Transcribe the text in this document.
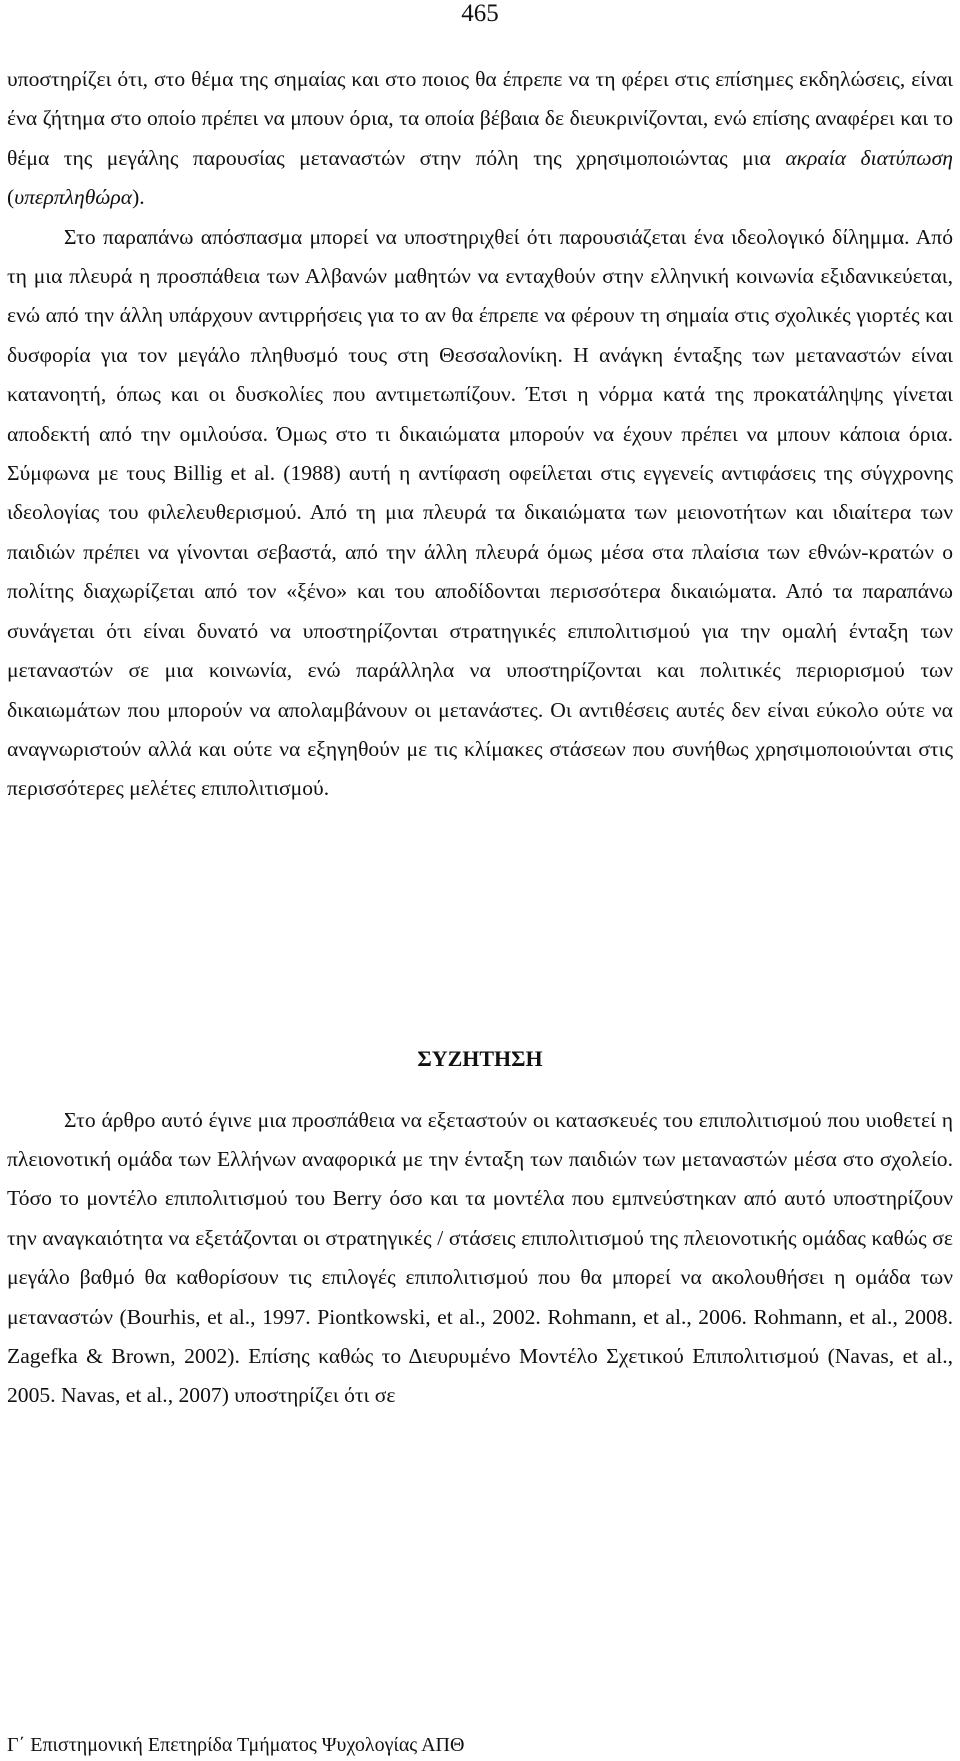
465

υποστηρίζει ότι, στο θέμα της σημαίας και στο ποιος θα έπρεπε να τη φέρει στις επίσημες εκδηλώσεις, είναι ένα ζήτημα στο οποίο πρέπει να μπουν όρια, τα οποία βέβαια δε διευκρινίζονται, ενώ επίσης αναφέρει και το θέμα της μεγάλης παρουσίας μεταναστών στην πόλη της χρησιμοποιώντας μια ακραία διατύπωση (υπερπληθώρα).

Στο παραπάνω απόσπασμα μπορεί να υποστηριχθεί ότι παρουσιάζεται ένα ιδεολογικό δίλημμα. Από τη μια πλευρά η προσπάθεια των Αλβανών μαθητών να ενταχθούν στην ελληνική κοινωνία εξιδανικεύεται, ενώ από την άλλη υπάρχουν αντιρρήσεις για το αν θα έπρεπε να φέρουν τη σημαία στις σχολικές γιορτές και δυσφορία για τον μεγάλο πληθυσμό τους στη Θεσσαλονίκη. Η ανάγκη ένταξης των μεταναστών είναι κατανοητή, όπως και οι δυσκολίες που αντιμετωπίζουν. Έτσι η νόρμα κατά της προκατάληψης γίνεται αποδεκτή από την ομιλούσα. Όμως στο τι δικαιώματα μπορούν να έχουν πρέπει να μπουν κάποια όρια. Σύμφωνα με τους Billig et al. (1988) αυτή η αντίφαση οφείλεται στις εγγενείς αντιφάσεις της σύγχρονης ιδεολογίας του φιλελευθερισμού. Από τη μια πλευρά τα δικαιώματα των μειονοτήτων και ιδιαίτερα των παιδιών πρέπει να γίνονται σεβαστά, από την άλλη πλευρά όμως μέσα στα πλαίσια των εθνών-κρατών ο πολίτης διαχωρίζεται από τον «ξένο» και του αποδίδονται περισσότερα δικαιώματα. Από τα παραπάνω συνάγεται ότι είναι δυνατό να υποστηρίζονται στρατηγικές επιπολιτισμού για την ομαλή ένταξη των μεταναστών σε μια κοινωνία, ενώ παράλληλα να υποστηρίζονται και πολιτικές περιορισμού των δικαιωμάτων που μπορούν να απολαμβάνουν οι μετανάστες. Οι αντιθέσεις αυτές δεν είναι εύκολο ούτε να αναγνωριστούν αλλά και ούτε να εξηγηθούν με τις κλίμακες στάσεων που συνήθως χρησιμοποιούνται στις περισσότερες μελέτες επιπολιτισμού.

ΣΥΖΗΤΗΣΗ

Στο άρθρο αυτό έγινε μια προσπάθεια να εξεταστούν οι κατασκευές του επιπολιτισμού που υιοθετεί η πλειονοτική ομάδα των Ελλήνων αναφορικά με την ένταξη των παιδιών των μεταναστών μέσα στο σχολείο. Τόσο το μοντέλο επιπολιτισμού του Berry όσο και τα μοντέλα που εμπνεύστηκαν από αυτό υποστηρίζουν την αναγκαιότητα να εξετάζονται οι στρατηγικές / στάσεις επιπολιτισμού της πλειονοτικής ομάδας καθώς σε μεγάλο βαθμό θα καθορίσουν τις επιλογές επιπολιτισμού που θα μπορεί να ακολουθήσει η ομάδα των μεταναστών (Bourhis, et al., 1997. Piontkowski, et al., 2002. Rohmann, et al., 2006. Rohmann, et al., 2008. Zagefka & Brown, 2002). Επίσης καθώς το Διευρυμένο Μοντέλο Σχετικού Επιπολιτισμού (Navas, et al., 2005. Navas, et al., 2007) υποστηρίζει ότι σε

Γ΄ Επιστημονική Επετηρίδα Τμήματος Ψυχολογίας ΑΠΘ
